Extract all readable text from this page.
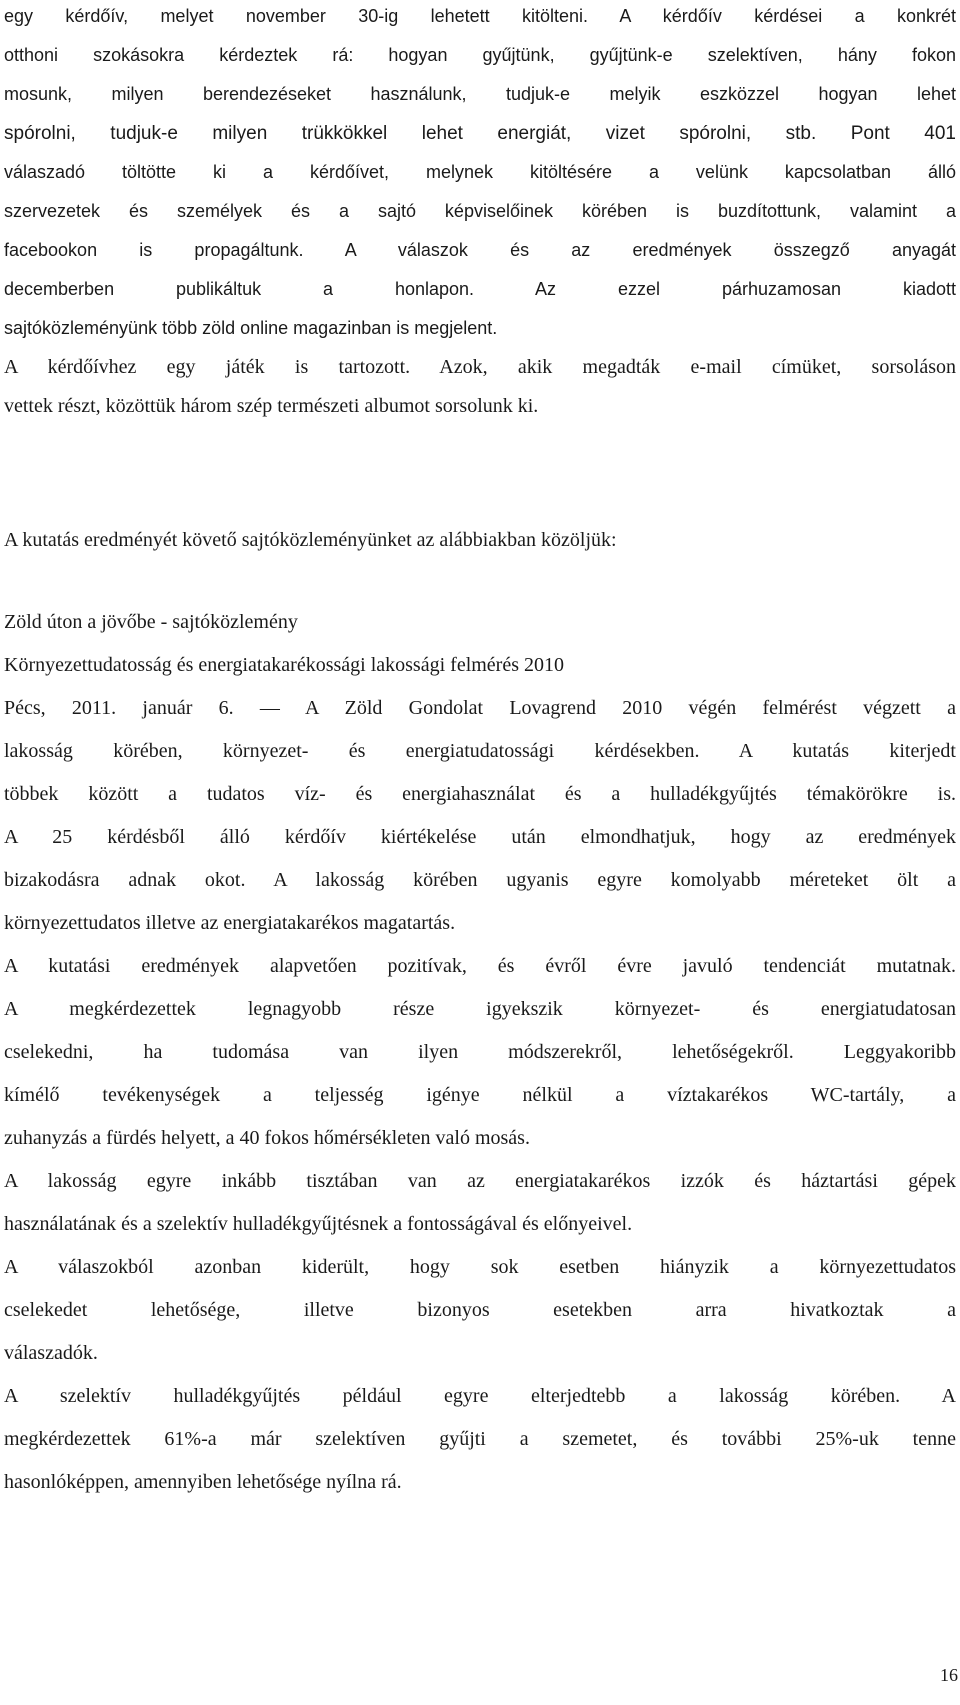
egy kérdőív, melyet november 30-ig lehetett kitölteni. A kérdőív kérdései a konkrét

otthoni szokásokra kérdeztek rá: hogyan gyűjtünk, gyűjtünk-e szelektíven, hány fokon

mosunk, milyen berendezéseket használunk, tudjuk-e melyik eszközzel hogyan lehet

spórolni, tudjuk-e milyen trükkökkel lehet energiát, vizet spórolni, stb. Pont 401

válaszadó töltötte ki a kérdőívet, melynek kitöltésére a velünk kapcsolatban álló

szervezetek és személyek és a sajtó képviselőinek körében is buzdítottunk, valamint a

facebookon is propagáltunk. A válaszok és az eredmények összegző anyagát

decemberben publikáltuk a honlapon. Az ezzel párhuzamosan kiadott

sajtóközleményünk több zöld online magazinban is megjelent.

A kérdőívhez egy játék is tartozott. Azok, akik megadták e-mail címüket, sorsoláson

vettek részt, közöttük három szép természeti albumot sorsolunk ki.

A kutatás eredményét követő sajtóközleményünket az alábbiakban közöljük:

Zöld úton a jövőbe - sajtóközlemény

Környezettudatosság és energiatakarékossági lakossági felmérés 2010

Pécs, 2011. január 6. ― A Zöld Gondolat Lovagrend 2010 végén felmérést végzett a

lakosság körében, környezet- és energiatudatossági kérdésekben. A kutatás kiterjedt

többek között a tudatos víz- és energiahasználat és a hulladékgyűjtés témakörökre is.

A 25 kérdésből álló kérdőív kiértékelése után elmondhatjuk, hogy az eredmények

bizakodásra adnak okot. A lakosság körében ugyanis egyre komolyabb méreteket ölt a

környezettudatos illetve az energiatakarékos magatartás.

A kutatási eredmények alapvetően pozitívak, és évről évre javuló tendenciát mutatnak.

A megkérdezettek legnagyobb része igyekszik környezet- és energiatudatosan

cselekedni, ha tudomása van ilyen módszerekről, lehetőségekről. Leggyakoribb

kímélő tevékenységek a teljesség igénye nélkül a víztakarékos WC-tartály, a

zuhanyzás a fürdés helyett, a 40 fokos hőmérsékleten való mosás.

A lakosság egyre inkább tisztában van az energiatakarékos izzók és háztartási gépek

használatának és a szelektív hulladékgyűjtésnek a fontosságával és előnyeivel.

A válaszokból azonban kiderült, hogy sok esetben hiányzik a környezettudatos

cselekedet lehetősége, illetve bizonyos esetekben arra hivatkoztak a

válaszadók.

A szelektív hulladékgyűjtés például egyre elterjedtebb a lakosság körében. A

megkérdezettek 61%-a már szelektíven gyűjti a szemetet, és további 25%-uk tenne

hasonlóképpen, amennyiben lehetősége nyílna rá.

16
